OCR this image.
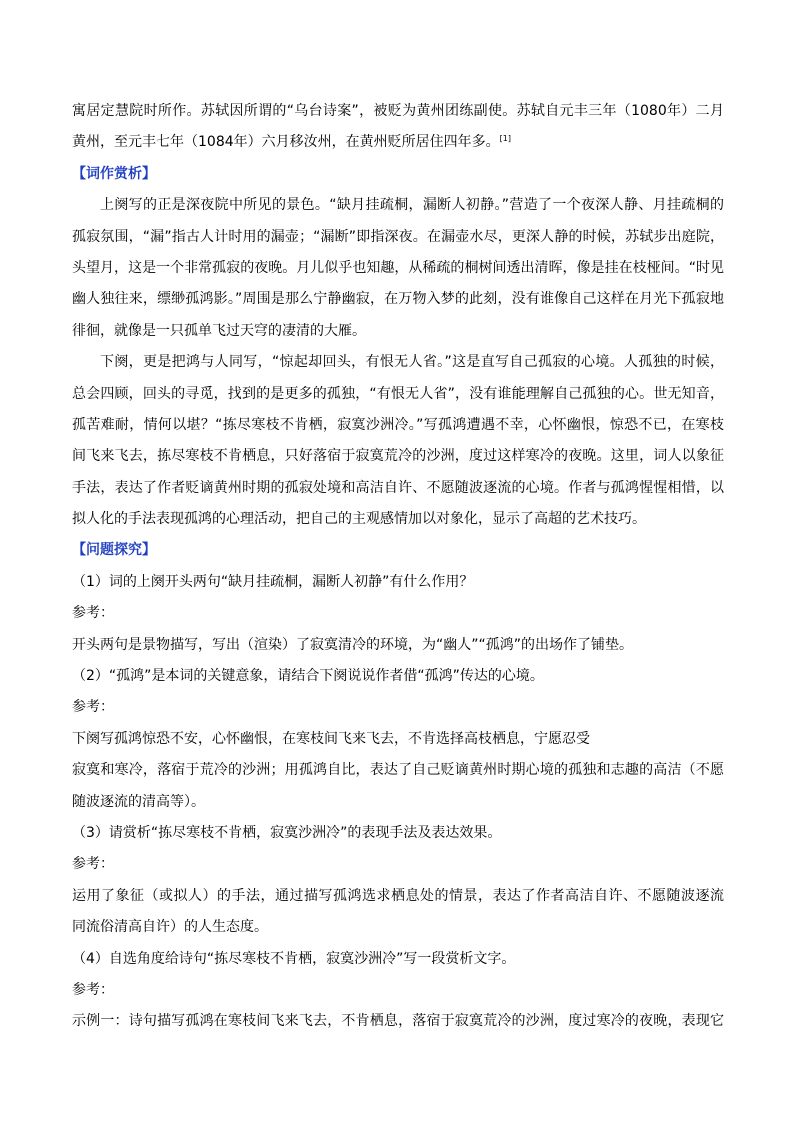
寓居定慧院时所作。苏轼因所谓的“乌台诗案”，被贬为黄州团练副使。苏轼自元丰三年（1080年）二月
黄州，至元丰七年（1084年）六月移汝州，在黄州贬所居住四年多。[1]
【词作赏析】
上阕写的正是深夜院中所见的景色。“缺月挂疏桐，漏断人初静。”营造了一个夜深人静、月挂疏桐的
孤寂氛围，“漏”指古人计时用的漏壶；“漏断”即指深夜。在漏壶水尽，更深人静的时候，苏轼步出庭院，
头望月，这是一个非常孤寂的夜晚。月儿似乎也知趣，从稀疏的桐树间透出清晖，像是挂在枝桠间。“时见
幽人独往来，缥缈孤鸿影。”周围是那么宁静幽寂，在万物入梦的此刻，没有谁像自己这样在月光下孤寂地
徘徊，就像是一只孤单飞过天穹的凄清的大雁。
下阕，更是把鸿与人同写，“惊起却回头，有恨无人省。”这是直写自己孤寂的心境。人孤独的时候，
总会四顾，回头的寻觅，找到的是更多的孤独，“有恨无人省”，没有谁能理解自己孤独的心。世无知音，
孤苦难耐，情何以堪？“拣尽寒枝不肯栖，寂寞沙洲冷。”写孤鸿遭遇不幸，心怀幽恨，惊恐不已，在寒枝
间飞来飞去，拣尽寒枝不肯栖息，只好落宿于寂寞荒冷的沙洲，度过这样寒冷的夜晚。这里，词人以象征
手法，表达了作者贬谪黄州时期的孤寂处境和高洁自许、不愿随波逐流的心境。作者与孤鸿惺惺相惜，以
拟人化的手法表现孤鸿的心理活动，把自己的主观感情加以对象化，显示了高超的艺术技巧。
【问题探究】
（1）词的上阕开头两句“缺月挂疏桐，漏断人初静”有什么作用？
参考：
开头两句是景物描写，写出（渲染）了寂寞清冷的环境，为“幽人”“孤鸿”的出场作了铺垫。
（2）“孤鸿”是本词的关键意象，请结合下阕说说作者借“孤鸿”传达的心境。
参考：
下阕写孤鸿惊恐不安，心怀幽恨，在寒枝间飞来飞去，不肯选择高枝栖息，宁愿忍受
寂寞和寒冷，落宿于荒冷的沙洲；用孤鸿自比，表达了自己贬谪黄州时期心境的孤独和志趣的高洁（不愿
随波逐流的清高等）。
（3）请赏析“拣尽寒枝不肯栖，寂寞沙洲冷”的表现手法及表达效果。
参考：
运用了象征（或拟人）的手法，通过描写孤鸿选求栖息处的情景，表达了作者高洁自许、不愿随波逐流
同流俗清高自许）的人生态度。
（4）自选角度给诗句“拣尽寒枝不肯栖，寂寞沙洲冷”写一段赏析文字。
参考：
示例一：诗句描写孤鸿在寒枝间飞来飞去，不肯栖息，落宿于寂寞荒冷的沙洲，度过寒冷的夜晚，表现它
